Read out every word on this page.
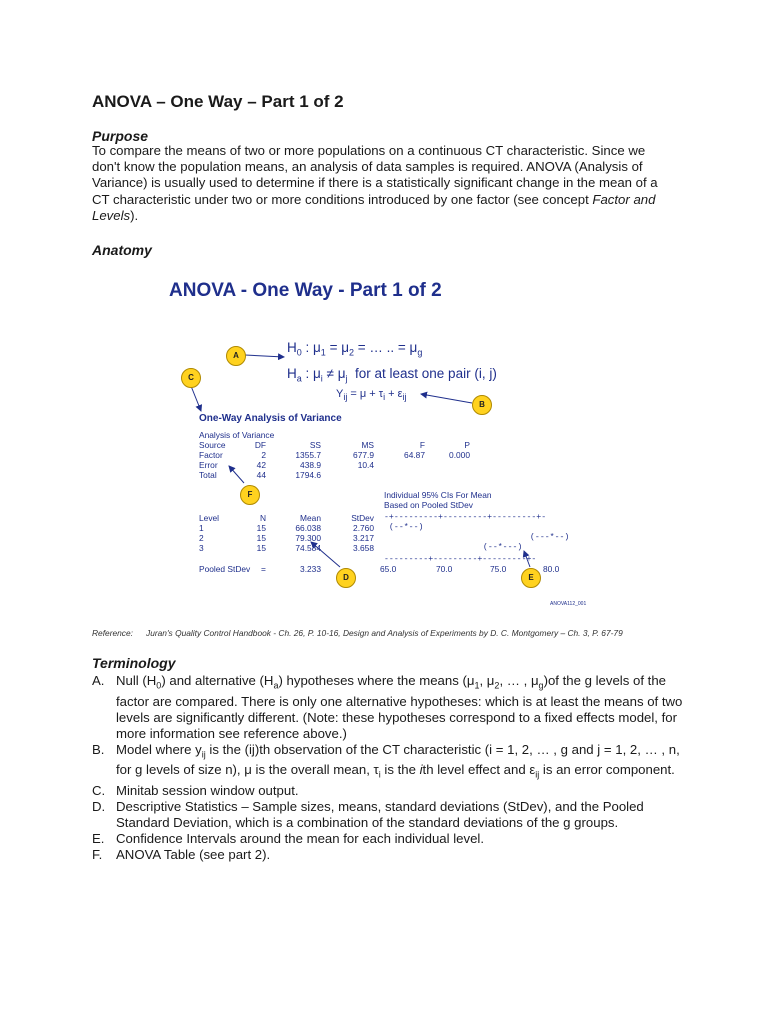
ANOVA – One Way – Part 1 of 2
Purpose
To compare the means of two or more populations on a continuous CT characteristic. Since we don't know the population means, an analysis of data samples is required. ANOVA (Analysis of Variance) is usually used to determine if there is a statistically significant change in the mean of a CT characteristic under two or more conditions introduced by one factor (see concept Factor and Levels).
Anatomy
ANOVA - One Way - Part 1 of 2
$H_0$ : $\mu_1 = \mu_2$ = … .. = $\mu_g$
$H_a$ : $\mu_i \ne \mu_j$  for at least one pair (i, j)
$Y_{ij} = \mu + \tau_i + \varepsilon_{ij}$
A
B
C
D	E
F
One-Way Analysis of Variance
Analysis of Variance
Source	DF	SS	MS	F	P
Factor	2	1355.7	677.9	64.87	0.000
Error	42	438.9	10.4
Total	44	1794.6
Individual 95% CIs For Mean
Based on Pooled StDev
Level	N	Mean	StDev -+---------+---------+---------+-
1	15	66.038	2.760 (--*--)
2	15	79.300	3.217	(---*--)
3	15	74.584	3.658	(--*---)
---------+---------+---------+-
Pooled StDev =	3.233	65.0	70.0	75.0	80.0
ANOVA112_001
Reference: Juran's Quality Control Handbook - Ch. 26, P. 10-16, Design and Analysis of Experiments by D. C. Montgomery – Ch. 3, P. 67-79
Terminology
A. Null $(H_0)$ and alternative $(H_a)$ hypotheses where the means ($\mu_1$, $\mu_2$, … , $\mu_g)of$ the g levels of the factor are compared. There is only one alternative hypotheses: which is at least the means of two levels are significantly different. (Note: these hypotheses correspond to a fixed effects model, for more information see reference above.)
B. Model where $y_{ij}$ is the (ij)th observation of the CT characteristic (i = 1, 2, … , g and j = 1, 2, … , n, for g levels of size n), μ is the overall mean, $\tau_i$ is the ith level effect and $\varepsilon_{ij}$ is an error component.
C. Minitab session window output.
D. Descriptive Statistics – Sample sizes, means, standard deviations (StDev), and the Pooled Standard Deviation, which is a combination of the standard deviations of the g groups.
E. Confidence Intervals around the mean for each individual level.
F. ANOVA Table (see part 2).
